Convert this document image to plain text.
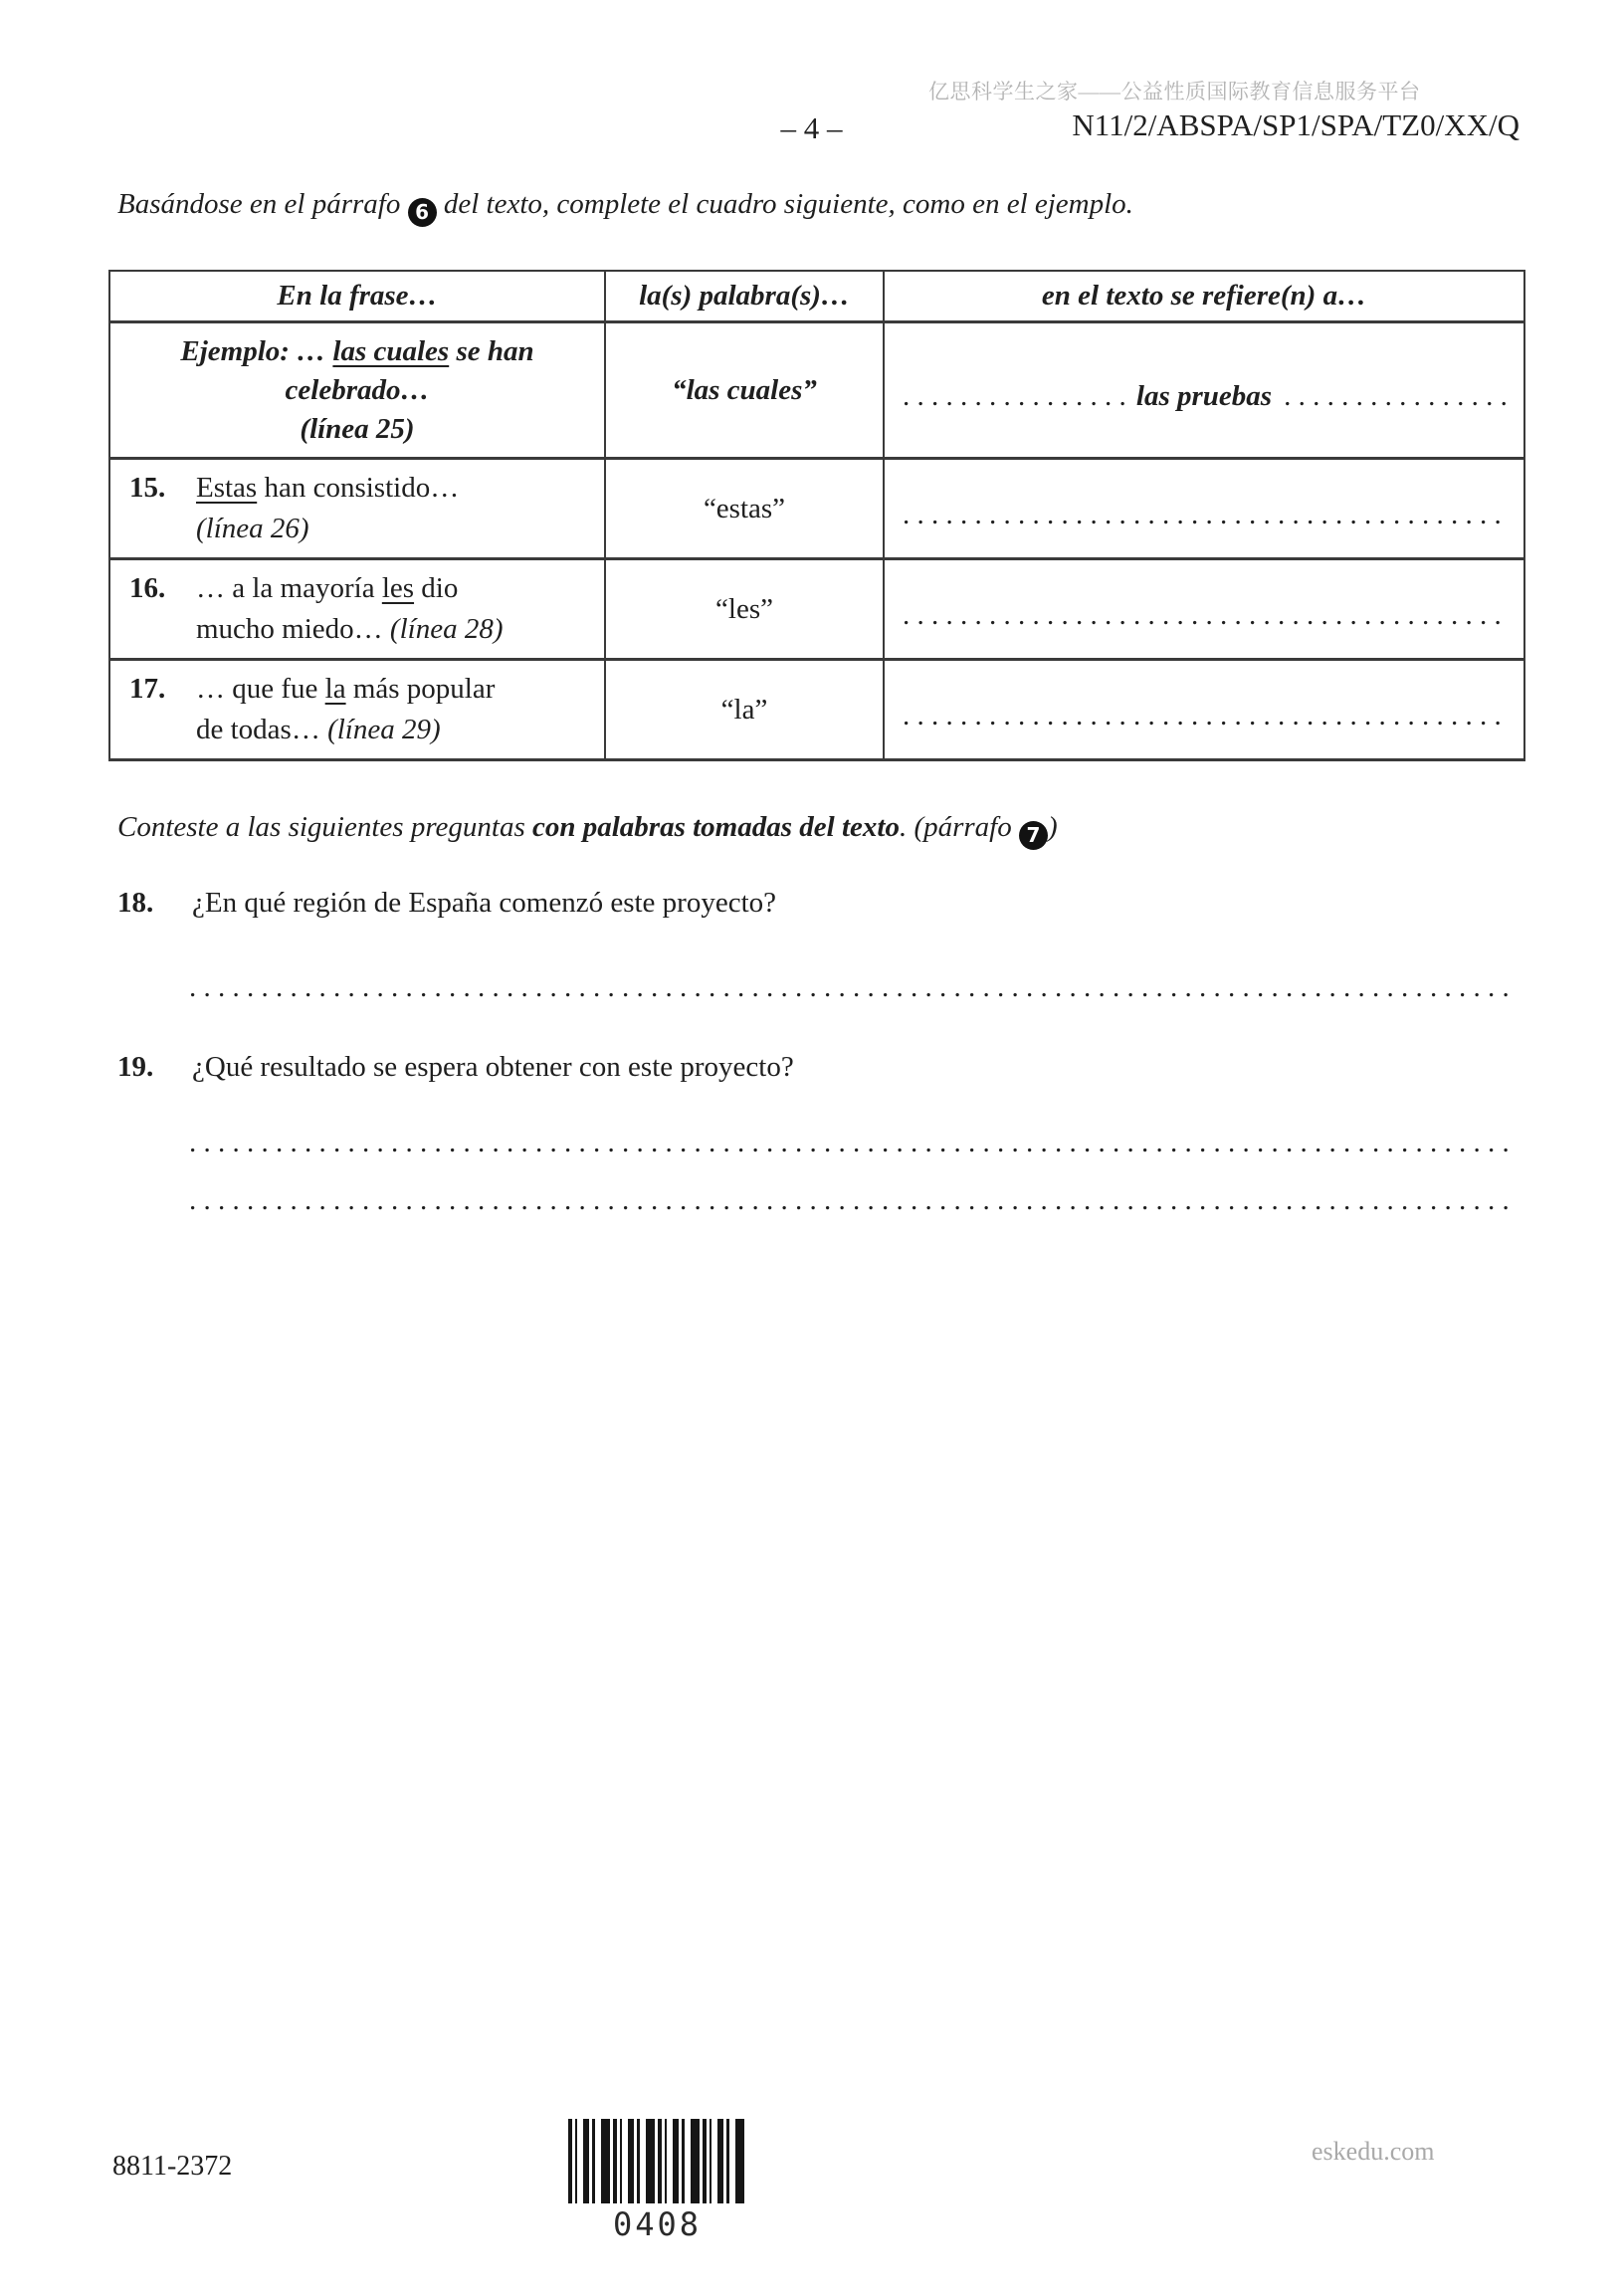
亿思科学生之家——公益性质国际教育信息服务平台
– 4 –	N11/2/ABSPA/SP1/SPA/TZ0/XX/Q
Basándose en el párrafo 6 del texto, complete el cuadro siguiente, como en el ejemplo.
En la frase…	la(s) palabra(s)…	en el texto se refiere(n) a…

Ejemplo: … las cuales se han
celebrado…
(línea 25)	“las cuales”	
. . .las pruebas
. . .

15. Estas han consistido…
(línea 26)	“estas”	
. . .

16. … a la mayoría les dio
mucho miedo… (línea 28)	“les”	
. . .

17. … que fue la más popular
de todas… (línea 29)	“la”	
. . .
Conteste a las siguientes preguntas con palabras tomadas del texto. (párrafo 7 )
18. ¿En qué región de España comenzó este proyecto?
. . .
19. ¿Qué resultado se espera obtener con este proyecto?
. . .
. . .
8811-2372
0408
eskedu.com
